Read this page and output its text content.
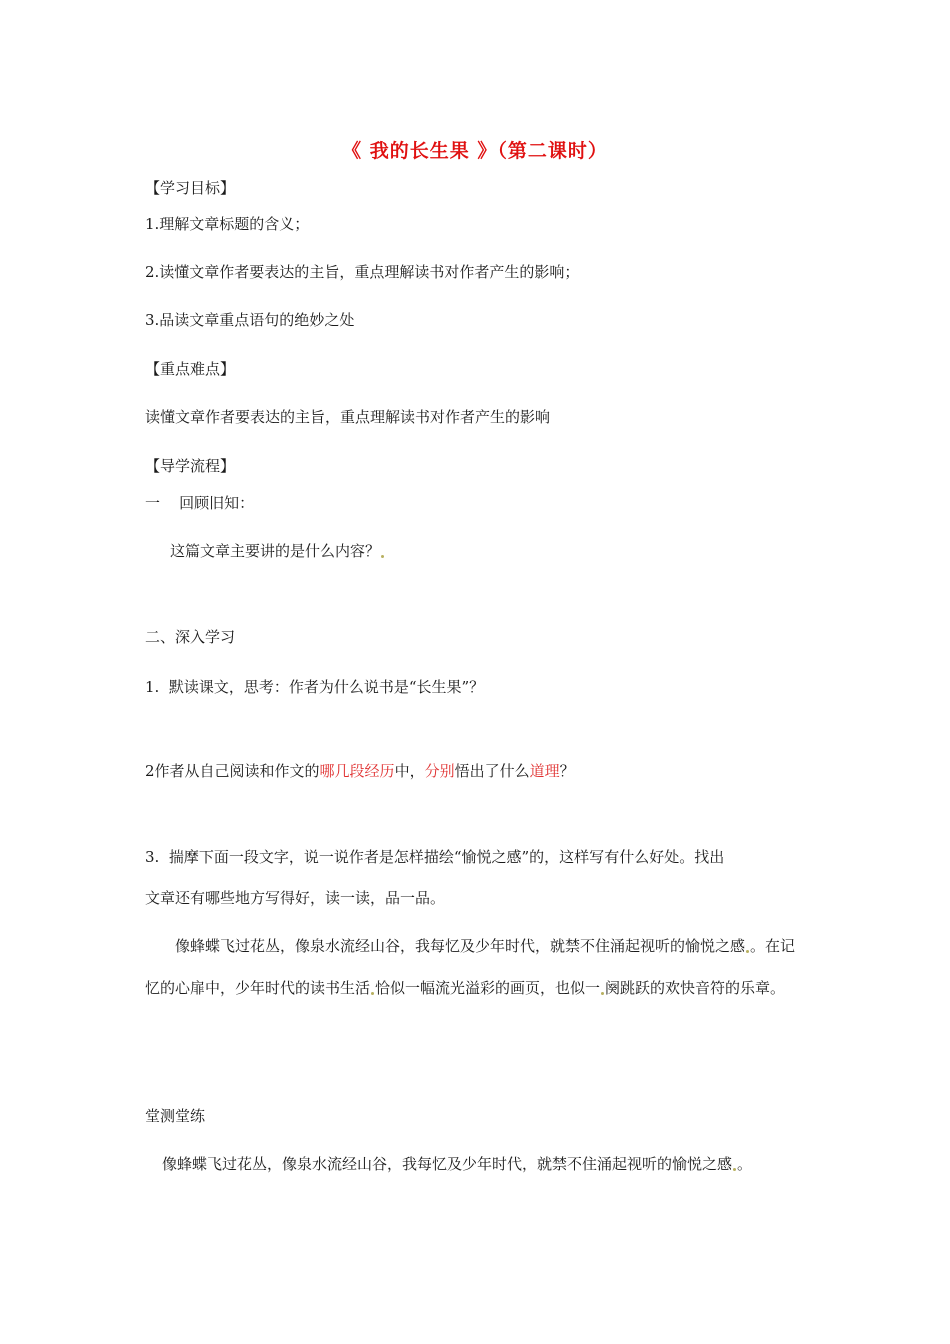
《 我的长生果 》（第二课时）
【学习目标】
1.理解文章标题的含义；
2.读懂文章作者要表达的主旨，重点理解读书对作者产生的影响；
3.品读文章重点语句的绝妙之处
【重点难点】
读懂文章作者要表达的主旨，重点理解读书对作者产生的影响
【导学流程】
一    回顾旧知：
这篇文章主要讲的是什么内容？
二、深入学习
1.  默读课文，思考：作者为什么说书是“长生果”？
2作者从自己阅读和作文的哪几段经历中，分别悟出了什么道理？
3.  揣摩下面一段文字，说一说作者是怎样描绘“愉悦之感”的，这样写有什么好处。找出
文章还有哪些地方写得好，读一读，品一品。
像蜂蝶飞过花丛，像泉水流经山谷，我每忆及少年时代，就禁不住涌起视听的愉悦之感 。在记忆的心扉中，少年时代的读书生活 恰似一幅流光溢彩的画页，也似一 阕跳跃的欢快音符的乐章。
堂测堂练
像蜂蝶飞过花丛，像泉水流经山谷，我每忆及少年时代，就禁不住涌起视听的愉悦之感 。
